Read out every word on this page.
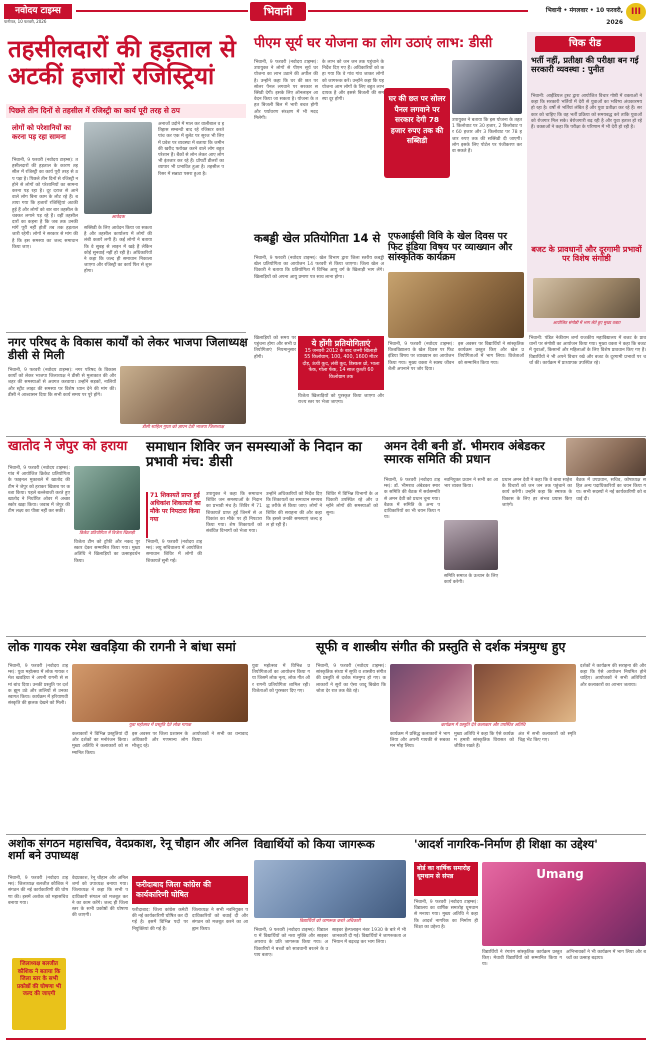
नवोदय टाइम्स
पानीपत, 10 फरवरी, 2026
भिवानी	भिवानी • मंगलवार • 10 फरवरी, 2026
III
तहसीलदारों की हड़ताल से अटकीं हजारों रजिस्ट्रियां
पिछले तीन दिनों से तहसील में रजिस्ट्री का कार्य पूरी तरह से ठप
लोगों को परेशानियों का करना पड़ रहा सामना
भिवानी, 9 फरवरी (नवोदय टाइम्स): तहसीलदारों की हड़ताल के कारण तहसील में रजिस्ट्री का कार्य पूरी तरह से ठप पड़ा है। पिछले तीन दिनों से रजिस्ट्री न होने से लोगों को परेशानियों का सामना करना पड़ रहा है। दूर दराज से आने वाले लोग बिना काम के लौट रहे हैं। बताया गया कि हजारों रजिस्ट्रियां अटकी हुई हैं और लोगों को बार बार तहसील के चक्कर लगाने पड़ रहे हैं। वहीं तहसीलदारों का कहना है कि जब तक उनकी मांगें पूरी नहीं होतीं तब तक हड़ताल जारी रहेगी। लोगों ने सरकार से मांग की है कि इस समस्या का जल्द समाधान किया जाए।
आवेदक
सब्सिडी के लिए आवेदन किया जा सकता है और तहसील कार्यालय में लोगों की लंबी कतारें लगी हैं। कई लोगों ने बताया कि वे सुबह से लाइन में खड़े हैं लेकिन कोई सुनवाई नहीं हो रही है। अधिकारियों ने कहा कि जल्द ही समाधान निकाला जाएगा और रजिस्ट्री का कार्य फिर से शुरू होगा।
अनाजों उदोने में माल कर वालीबाल व इतिहास सम्बन्धी बाद रहे रजिस्टर करते पांच कर एक में बुलेट पर सूरज भी लिए में प्रवेश पर व्यवस्था में बताया कि जमीन की खरीद फरोख्त करने वाले लोग बहुत परेशान हैं। बैंकों से लोन लेकर आए लोग भी इंतजार कर रहे हैं। प्रॉपर्टी डीलरों का व्यापार भी प्रभावित हुआ है। तहसील परिसर में सन्नाटा पसरा हुआ है।
नगर परिषद के विकास कार्यों को लेकर भाजपा जिलाध्यक्ष डीसी से मिली
भिवानी, 9 फरवरी (नवोदय टाइम्स): नगर परिषद के विकास कार्यों को लेकर भाजपा जिलाध्यक्ष ने डीसी से मुलाकात की और शहर की समस्याओं से अवगत करवाया। उन्होंने सड़कों, नालियों और स्ट्रीट लाइट की समस्या पर विशेष ध्यान देने की मांग की। डीसी ने आश्वासन दिया कि सभी कार्य समय पर पूरे होंगे।
डीसी साहिल गुप्ता को ज्ञापन देती भाजपा जिलाध्यक्ष
पीएम सूर्य घर योजना का लोग उठाएं लाभ: डीसी
भिवानी, 9 फरवरी (नवोदय टाइम्स): उपायुक्त ने लोगों से पीएम सूर्य घर योजना का लाभ उठाने की अपील की है। उन्होंने कहा कि घर की छत पर सोलर पैनल लगवाने पर सरकार सब्सिडी देगी। इसके लिए ऑनलाइन आवेदन किया जा सकता है। योजना के तहत बिजली बिल में भारी बचत होगी और पर्यावरण संरक्षण में भी मदद मिलेगी।
के लाभ को जन जन तक पहुंचाने के निर्देश दिए गए हैं। अधिकारियों को कहा गया कि वे गांव गांव जाकर लोगों को जागरूक करें। उन्होंने कहा कि यह योजना आम लोगों के लिए बहुत लाभदायक है और इससे बिजली की समस्या दूर होगी।	घर की छत पर सोलर पैनल लगवाने पर सरकार देगी 78 हजार रुपए तक की सब्सिडी
उपायुक्त ने बताया कि इस योजना के तहत 1 किलोवाट पर 30 हजार, 2 किलोवाट पर 60 हजार और 3 किलोवाट पर 78 हजार रुपए तक की सब्सिडी दी जाएगी। लोग इसके लिए पोर्टल पर पंजीकरण करवा सकते हैं।
चिक रीड
भर्ती नहीं, प्रतीक्षा की परीक्षा बन गई सरकारी व्यवस्था : पुनीत
भिवानी: आईडियल ट्रस्ट द्वारा आयोजित विचार गोष्ठी में वक्ताओं ने कहा कि सरकारी भर्तियों में देरी से युवाओं का भविष्य अंधकारमय हो रहा है। वर्षों से भर्तियां लंबित हैं और युवा प्रतीक्षा कर रहे हैं। सरकार को चाहिए कि वह भर्ती प्रक्रिया को समयबद्ध करे ताकि युवाओं को रोजगार मिल सके। बेरोजगारी बढ़ रही है और युवा हताश हो रहे हैं। वक्ताओं ने कहा कि परीक्षा के परिणाम में भी देरी हो रही है।
बजट के प्रावधानों और दूरगामी प्रभावों पर विशेष संगोष्ठी
आयोजित संगोष्ठी में भाग लेते हुए मुख्य वक्ता
भिवानी: पंडित नेकीराम शर्मा राजकीय महाविद्यालय में बजट के प्रावधानों पर संगोष्ठी का आयोजन किया गया। मुख्य वक्ता ने कहा कि बजट में युवाओं, किसानों और महिलाओं के लिए विशेष प्रावधान किए गए हैं। विद्यार्थियों ने भी अपने विचार रखे और बजट के दूरगामी प्रभावों पर चर्चा की। कार्यक्रम में प्राध्यापक उपस्थित रहे।
कबड्डी खेल प्रतियोगिता 14 से
भिवानी, 9 फरवरी (नवोदय टाइम्स): खेल विभाग द्वारा जिला स्तरीय कबड्डी खेल प्रतियोगिता का आयोजन 14 फरवरी से किया जाएगा। जिला खेल अधिकारी ने बताया कि प्रतियोगिता में विभिन्न आयु वर्ग के खिलाड़ी भाग लेंगे। खिलाड़ियों को अपना आयु प्रमाण पत्र साथ लाना होगा।
ये होंगी प्रतियोगिताएं
15 जनवरी 2012 के बाद जन्मी खिलाड़ी 55 किलोग्राम, 100, 400, 1600 मीटर दौड़, ऊंची कूद, लंबी कूद, डिस्कस थ्रो, भाला फेंक, गोला फेंक, 14 साल कुश्ती 60 किलोग्राम तक
खिलाड़ियों को समय पर पहुंचना होगा और सभी प्रतियोगिताएं नियमानुसार होंगी।
विजेता खिलाड़ियों को पुरस्कृत किया जाएगा और राज्य स्तर पर भेजा जाएगा।
एफआईसी विवि के खेल दिवस पर फिट इंडिया विषय पर व्याख्यान और सांस्कृतिक कार्यक्रम
भिवानी, 9 फरवरी (नवोदय टाइम्स): विश्वविद्यालय के खेल दिवस पर फिट इंडिया विषय पर व्याख्यान का आयोजन किया गया। मुख्य वक्ता ने स्वस्थ जीवन शैली अपनाने पर जोर दिया।
इस अवसर पर विद्यार्थियों ने सांस्कृतिक कार्यक्रम प्रस्तुत किए और खेल प्रतियोगिताओं में भाग लिया। विजेताओं को सम्मानित किया गया।
खातोद ने जेपुर को हराया
भिवानी, 9 फरवरी (नवोदय टाइम्स): गांव में आयोजित क्रिकेट प्रतियोगिता के फाइनल मुकाबले में खातोद की टीम ने जेपुर को हराकर खिताब पर कब्जा किया। पहले बल्लेबाजी करते हुए खातोद ने निर्धारित ओवर में अच्छा स्कोर खड़ा किया। जवाब में जेपुर की टीम लक्ष्य का पीछा नहीं कर सकी।
क्रिकेट प्रतियोगिता में विजेता खिलाड़ी
विजेता टीम को ट्रॉफी और नकद पुरस्कार देकर सम्मानित किया गया। मुख्य अतिथि ने खिलाड़ियों का उत्साहवर्धन किया।
समाधान शिविर जन समस्याओं के निदान का प्रभावी मंच: डीसी
71 शिकायतें प्राप्त हुईं अधिकांश शिकायतों का मौके पर निपटारा किया गया
भिवानी, 9 फरवरी (नवोदय टाइम्स): लघु सचिवालय में आयोजित समाधान शिविर में लोगों की शिकायतें सुनी गईं।
उपायुक्त ने कहा कि समाधान शिविर जन समस्याओं के निदान का प्रभावी मंच है। शिविर में 71 शिकायतें प्राप्त हुईं जिनमें से अधिकांश का मौके पर ही निपटारा किया गया। शेष शिकायतों को संबंधित विभागों को भेजा गया।
उन्होंने अधिकारियों को निर्देश दिए कि शिकायतों का समाधान समयबद्ध तरीके से किया जाए। लोगों ने शिविर की सराहना की और कहा कि इससे उनकी समस्याएं जल्द हल हो रही हैं।
शिविर में विभिन्न विभागों के अधिकारी उपस्थित रहे और उन्होंने लोगों की समस्याओं को सुना।
अमन देवी बनी डॉ. भीमराव अंबेडकर स्मारक समिति की प्रधान
भिवानी, 9 फरवरी (नवोदय टाइम्स): डॉ. भीमराव अंबेडकर स्मारक समिति की बैठक में सर्वसम्मति से अमन देवी को प्रधान चुना गया। बैठक में समिति के अन्य पदाधिकारियों का भी चयन किया गया।
नवनियुक्त प्रधान ने सभी का आभार व्यक्त किया।
समिति समाज के उत्थान के लिए कार्य करेगी।
प्रधान अमन देवी ने कहा कि वे बाबा साहेब के विचारों को जन जन तक पहुंचाने का कार्य करेंगी। उन्होंने कहा कि स्मारक के विकास के लिए हर संभव प्रयास किए जाएंगे।
बैठक में उपप्रधान, सचिव, कोषाध्यक्ष सहित अन्य पदाधिकारियों का चयन किया गया। सभी सदस्यों ने नई कार्यकारिणी को बधाई दी।
लोक गायक रमेश खवड़िया की रागनी ने बांधा समां
भिवानी, 9 फरवरी (नवोदय टाइम्स): युवा महोत्सव में लोक गायक रमेश खवड़िया ने अपनी रागनी से समां बांध दिया। उनकी प्रस्तुति पर दर्शक झूम उठे और तालियों से उनका स्वागत किया। कार्यक्रम में हरियाणवी संस्कृति की झलक देखने को मिली।
युवा महोत्सव में प्रस्तुति देते लोक गायक
कलाकारों ने विभिन्न प्रस्तुतियां दीं और दर्शकों का मनोरंजन किया। मुख्य अतिथि ने कलाकारों को सम्मानित किया।
इस अवसर पर जिला प्रशासन के अधिकारी और गणमान्य लोग मौजूद रहे।
आयोजकों ने सभी का धन्यवाद किया।
युवा महोत्सव में विभिन्न प्रतियोगिताओं का आयोजन किया गया जिसमें लोक नृत्य, लोक गीत और रागनी प्रतियोगिता शामिल रही। विजेताओं को पुरस्कार दिए गए।
सूफी व शास्त्रीय संगीत की प्रस्तुति से दर्शक मंत्रमुग्ध हुए
भिवानी, 9 फरवरी (नवोदय टाइम्स): सांस्कृतिक संध्या में सूफी व शास्त्रीय संगीत की प्रस्तुति से दर्शक मंत्रमुग्ध हो गए। कलाकारों ने सुरों का ऐसा जादू बिखेरा कि श्रोता देर रात तक बैठे रहे।
कार्यक्रम में प्रस्तुति देते कलाकार और उपस्थित अतिथि
कार्यक्रम में प्रसिद्ध कलाकारों ने भाग लिया और अपनी गायकी से सबका मन मोह लिया।
मुख्य अतिथि ने कहा कि ऐसे कार्यक्रम हमारी सांस्कृतिक विरासत को जीवित रखते हैं।
अंत में सभी कलाकारों को स्मृति चिह्न भेंट किए गए।
दर्शकों ने कार्यक्रम की सराहना की और कहा कि ऐसे आयोजन नियमित होने चाहिए। आयोजकों ने सभी अतिथियों और कलाकारों का आभार जताया।
अशोक संगठन महासचिव, वेदप्रकाश, रेनू चौहान और अनिल शर्मा बने उपाध्यक्ष
भिवानी, 9 फरवरी (नवोदय टाइम्स): जिलाध्यक्ष बलजीत कौशिक ने संगठन की नई कार्यकारिणी की घोषणा की। इसमें अशोक को महासचिव बनाया गया।
जिलाध्यक्ष बलजीत कौशिक ने बताया कि जिला स्तर के सभी प्रकोष्ठों की घोषणा भी जल्द की जाएगी
वेदप्रकाश, रेनू चौहान और अनिल शर्मा को उपाध्यक्ष बनाया गया। जिलाध्यक्ष ने कहा कि सभी पदाधिकारी संगठन को मजबूत करने का काम करेंगे। जल्द ही जिला स्तर के सभी प्रकोष्ठों की घोषणा की जाएगी।
फरीदाबाद जिला कांग्रेस की कार्यकारिणी घोषित
फरीदाबाद: जिला कांग्रेस कमेटी की नई कार्यकारिणी घोषित कर दी गई है। इसमें विभिन्न पदों पर नियुक्तियां की गई हैं।
जिलाध्यक्ष ने सभी नवनियुक्त पदाधिकारियों को बधाई दी और संगठन को मजबूत करने का आह्वान किया।
विद्यार्थियों को किया जागरूक
विद्यार्थियों को जागरूक करते अधिकारी
भिवानी, 9 फरवरी (नवोदय टाइम्स): विद्यालय में विद्यार्थियों को नशा मुक्ति और साइबर अपराध के प्रति जागरूक किया गया। अधिकारियों ने बच्चों को सावधानी बरतने के उपाय बताए।
साइबर हेल्पलाइन नंबर 1930 के बारे में भी जानकारी दी गई। विद्यार्थियों ने जागरूकता अभियान में बढ़चढ़ कर भाग लिया।
'आदर्श नागरिक-निर्माण ही शिक्षा का उद्देश्य'
बोर्ड का वार्षिक समारोह धूमधाम से संपन्न
भिवानी, 9 फरवरी (नवोदय टाइम्स): विद्यालय का वार्षिक समारोह धूमधाम से मनाया गया। मुख्य अतिथि ने कहा कि आदर्श नागरिक का निर्माण ही शिक्षा का उद्देश्य है।
Umang
विद्यार्थियों ने रंगारंग सांस्कृतिक कार्यक्रम प्रस्तुत किए। मेधावी विद्यार्थियों को सम्मानित किया गया।
अभिभावकों ने भी कार्यक्रम में भाग लिया और बच्चों का उत्साह बढ़ाया।
